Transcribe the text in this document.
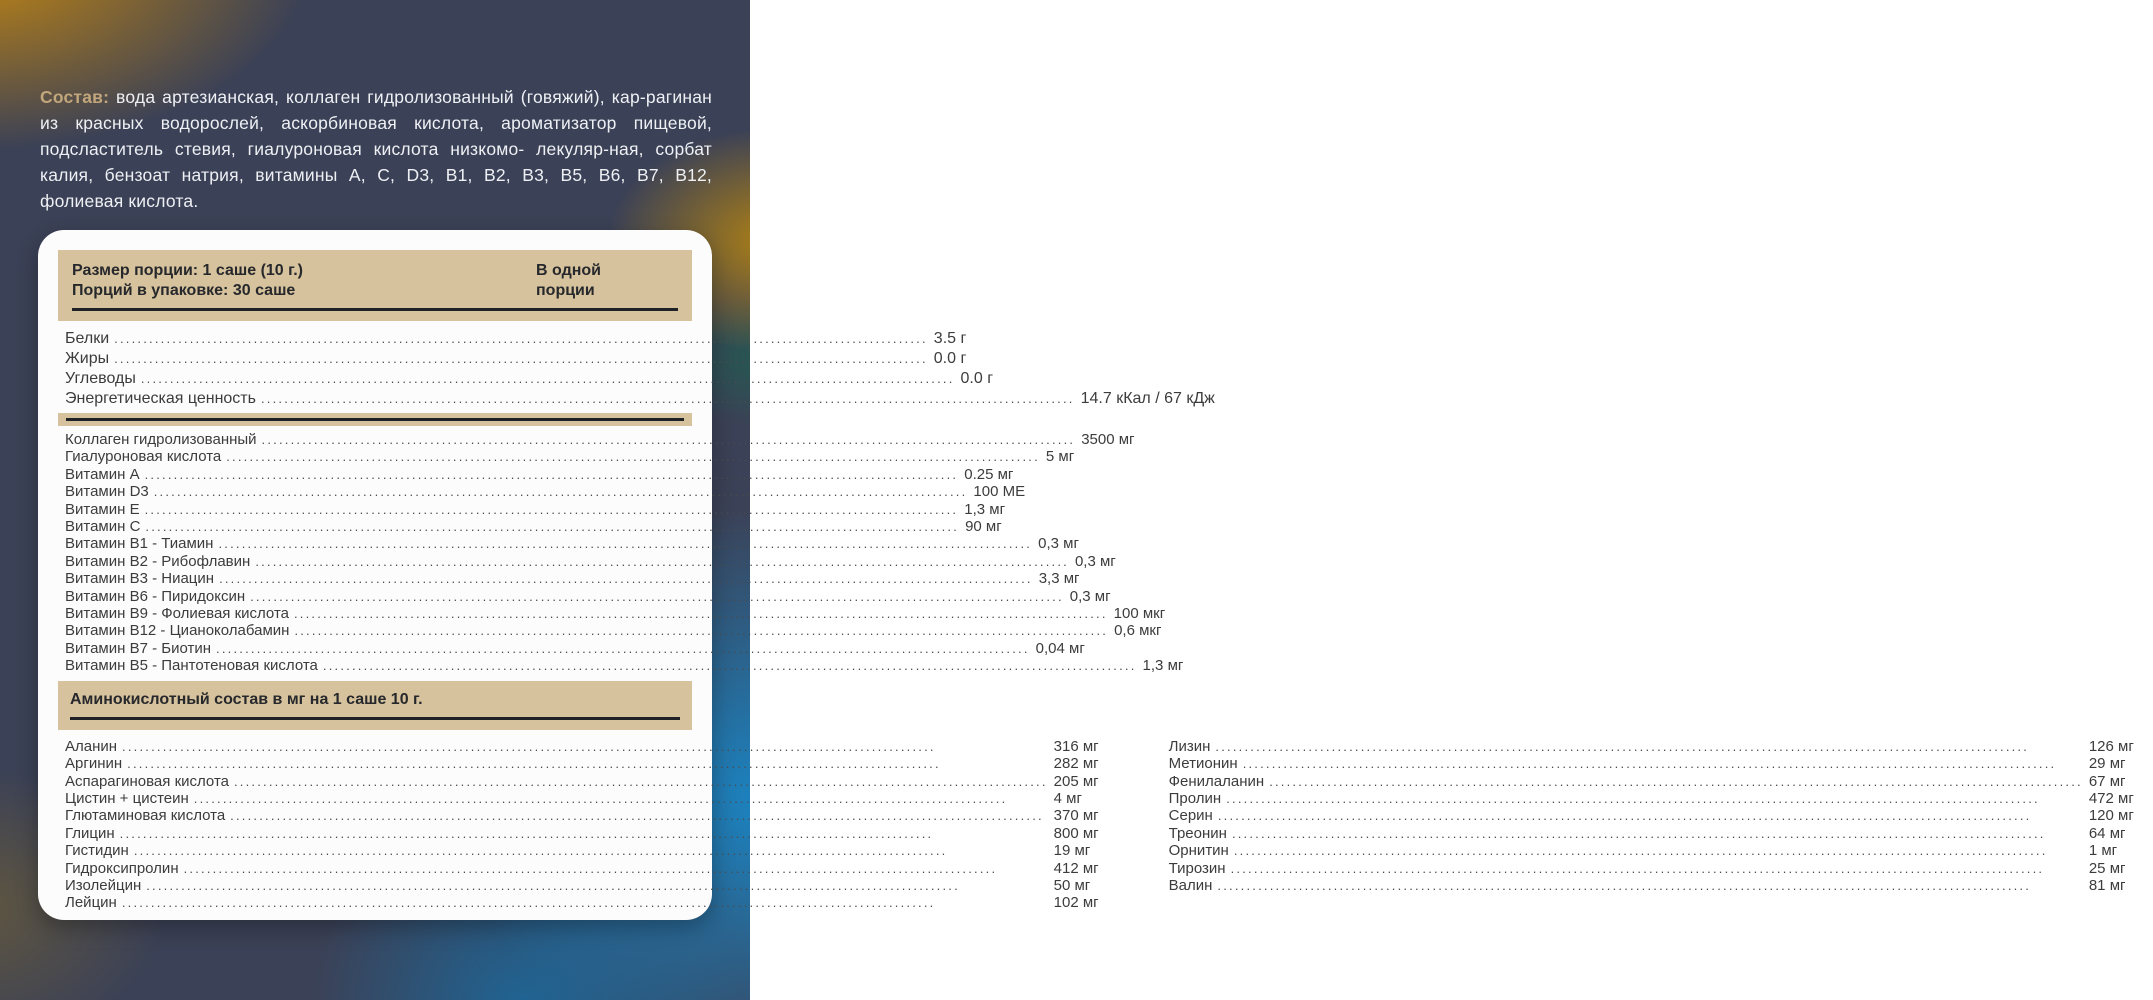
Состав: вода артезианская, коллаген гидролизованный (говяжий), кар-рагинан из красных водорослей, аскорбиновая кислота, ароматизатор пищевой, подсластитель стевия, гиалуроновая кислота низкомо- лекуляр-ная, сорбат калия, бензоат натрия, витамины A, C, D3, B1, B2, B3, B5, B6, B7, B12, фолиевая кислота.

Размер порции: 1 саше (10 г.)
Порций в упаковке: 30 саше
В одной
порции
Белки .....	3.5 г
Жиры .....	0.0 г
Углеводы .....	0.0 г
Энергетическая ценность .....	14.7 кКал / 67 кДж
Коллаген гидролизованный .....	3500 мг
Гиалуроновая кислота .....	5 мг
Витамин A .....	0.25 мг
Витамин D3 .....	100 МЕ
Витамин E .....	1,3 мг
Витамин C .....	90 мг
Витамин B1 - Тиамин .....	0,3 мг
Витамин B2 - Рибофлавин .....	0,3 мг
Витамин B3 - Ниацин .....	3,3 мг
Витамин B6 - Пиридоксин .....	0,3 мг
Витамин B9 - Фолиевая кислота .....	100 мкг
Витамин B12 - Цианоколабамин .....	0,6 мкг
Витамин B7 - Биотин .....	0,04 мг
Витамин B5 - Пантотеновая кислота .....	1,3 мг
Аминокислотный состав в мг на 1 саше 10 г.
Аланин .....	316 мг
Аргинин .....	282 мг
Аспарагиновая кислота .....	205 мг
Цистин + цистеин .....	4 мг
Глютаминовая кислота .....	370 мг
Глицин .....	800 мг
Гистидин .....	19 мг
Гидроксипролин .....	412 мг
Изолейцин .....	50 мг
Лейцин .....	102 мг
Лизин .....	126 мг
Метионин .....	29 мг
Фенилаланин .....	67 мг
Пролин .....	472 мг
Серин .....	120 мг
Треонин .....	64 мг
Орнитин .....	1 мг
Тирозин .....	25 мг
Валин .....	81 мг
